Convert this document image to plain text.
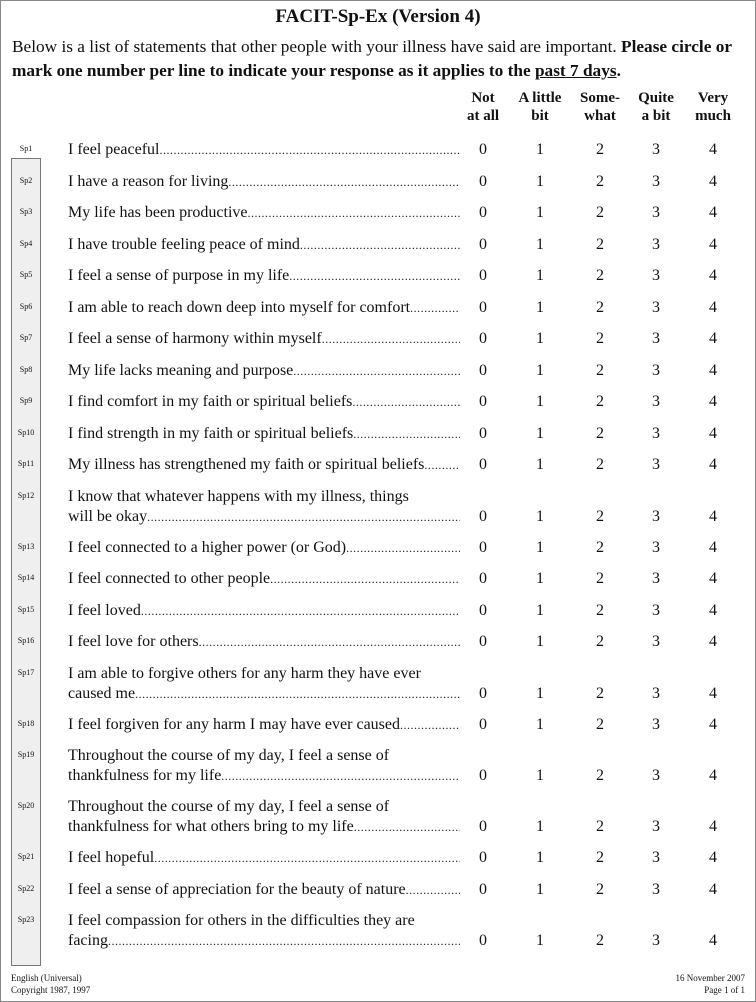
FACIT-Sp-Ex (Version 4)
Below is a list of statements that other people with your illness have said are important. Please circle or mark one number per line to indicate your response as it applies to the past 7 days.
Not
at all
A little
bit
Some-
what
Quite
a bit
Very
much
Sp1	I feel peaceful .....	0	1	2	3	4
Sp2	I have a reason for living .....	0	1	2	3	4
Sp3	My life has been productive .....	0	1	2	3	4
Sp4	I have trouble feeling peace of mind .....	0	1	2	3	4
Sp5	I feel a sense of purpose in my life .....	0	1	2	3	4
Sp6	I am able to reach down deep into myself for comfort .....	0	1	2	3	4
Sp7	I feel a sense of harmony within myself .....	0	1	2	3	4
Sp8	My life lacks meaning and purpose .....	0	1	2	3	4
Sp9	I find comfort in my faith or spiritual beliefs .....	0	1	2	3	4
Sp10	I find strength in my faith or spiritual beliefs .....	0	1	2	3	4
Sp11	My illness has strengthened my faith or spiritual beliefs .....	0	1	2	3	4
Sp12	I know that whatever happens with my illness, things
will be okay .....	0	1	2	3	4
Sp13	I feel connected to a higher power (or God) .....	0	1	2	3	4
Sp14	I feel connected to other people .....	0	1	2	3	4
Sp15	I feel loved .....	0	1	2	3	4
Sp16	I feel love for others .....	0	1	2	3	4
Sp17	I am able to forgive others for any harm they have ever
caused me .....	0	1	2	3	4
Sp18	I feel forgiven for any harm I may have ever caused .....	0	1	2	3	4
Sp19	Throughout the course of my day, I feel a sense of
thankfulness for my life .....	0	1	2	3	4
Sp20	Throughout the course of my day, I feel a sense of
thankfulness for what others bring to my life .....	0	1	2	3	4
Sp21	I feel hopeful .....	0	1	2	3	4
Sp22	I feel a sense of appreciation for the beauty of nature .....	0	1	2	3	4
Sp23	I feel compassion for others in the difficulties they are
facing .....	0	1	2	3	4
English (Universal)
Copyright 1987, 1997
16 November 2007
Page 1 of 1
